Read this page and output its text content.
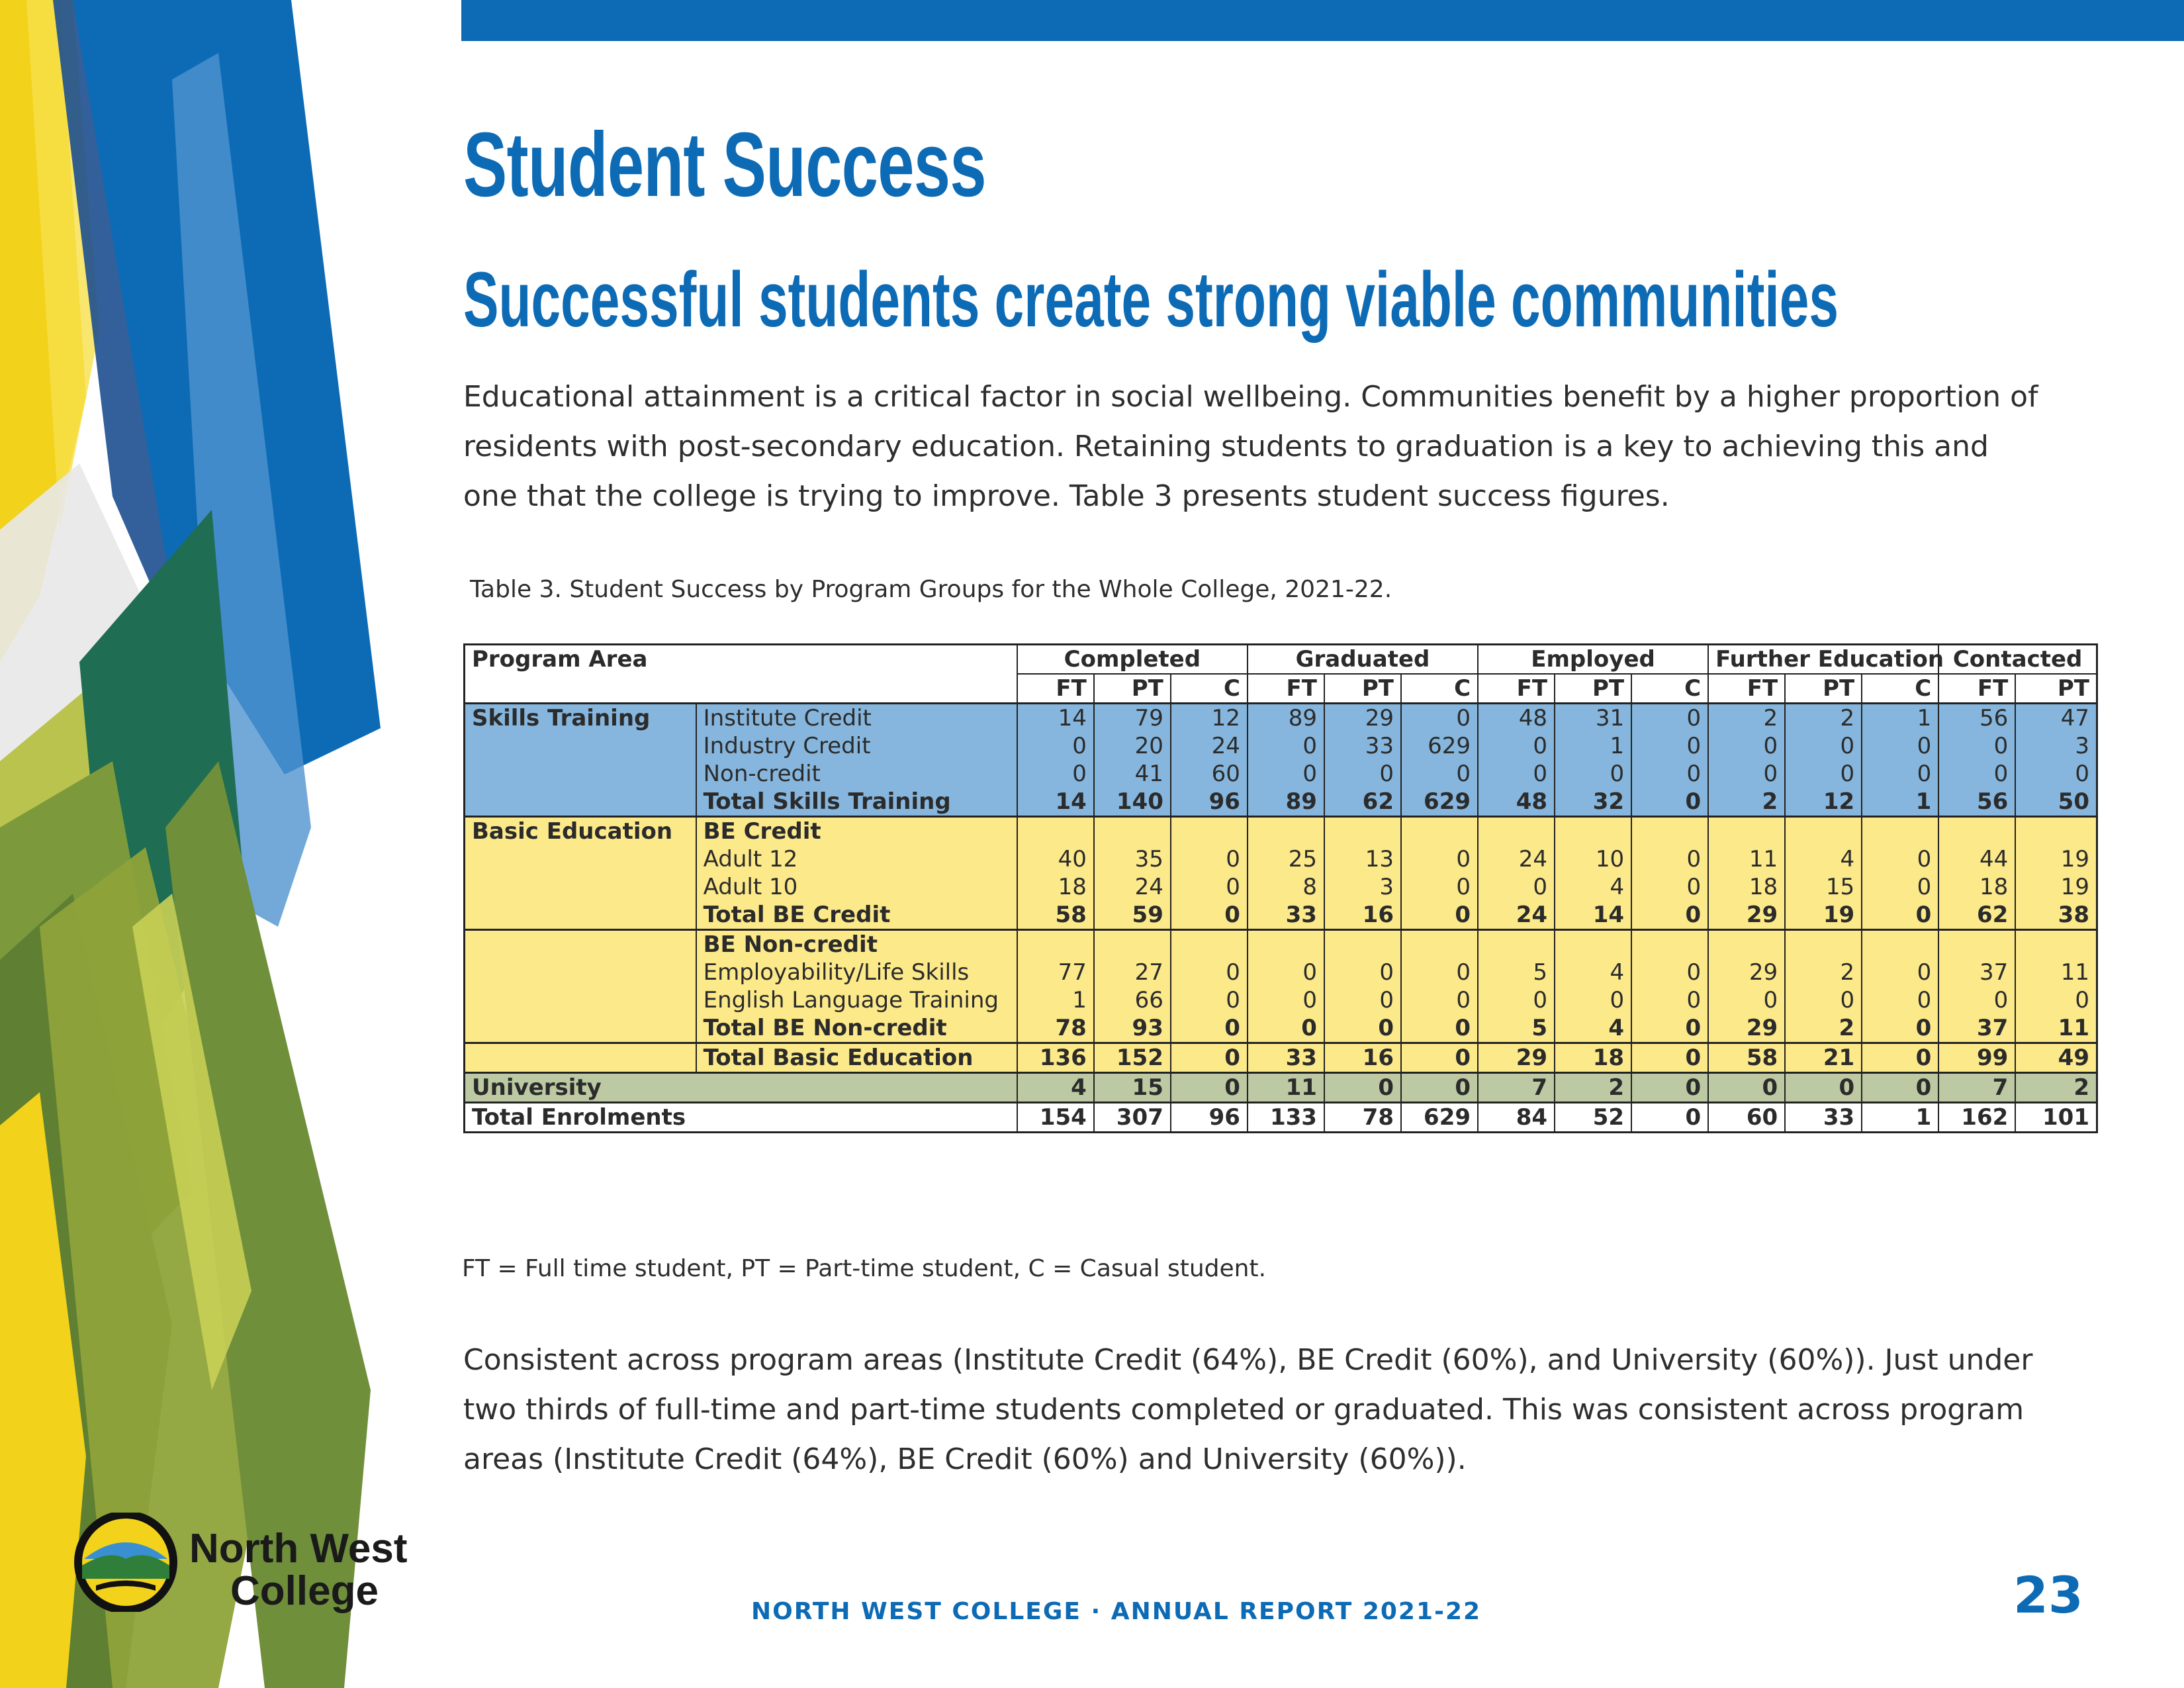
Student Success
Successful students create strong viable communities

Educational attainment is a critical factor in social wellbeing. Communities benefit by a higher proportion of residents with post-secondary education. Retaining students to graduation is a key to achieving this and one that the college is trying to improve. Table 3 presents student success figures.

Table 3. Student Success by Program Groups for the Whole College, 2021-22.
Program Area		Completed			Graduated			Employed			Further Education			Contacted	
		FT	PT	C	FT	PT	C	FT	PT	C	FT	PT	C	FT	PT
Skills Training	Institute Credit	14	79	12	89	29	0	48	31	0	2	2	1	56	47
	Industry Credit	0	20	24	0	33	629	0	1	0	0	0	0	0	3
	Non-credit	0	41	60	0	0	0	0	0	0	0	0	0	0	0
	Total Skills Training	14	140	96	89	62	629	48	32	0	2	12	1	56	50
Basic Education	BE Credit														
	Adult 12	40	35	0	25	13	0	24	10	0	11	4	0	44	19
	Adult 10	18	24	0	8	3	0	0	4	0	18	15	0	18	19
	Total BE Credit	58	59	0	33	16	0	24	14	0	29	19	0	62	38
	BE Non-credit														
	Employability/Life Skills	77	27	0	0	0	0	5	4	0	29	2	0	37	11
	English Language Training	1	66	0	0	0	0	0	0	0	0	0	0	0	0
	Total BE Non-credit	78	93	0	0	0	0	5	4	0	29	2	0	37	11
	Total Basic Education	136	152	0	33	16	0	29	18	0	58	21	0	99	49
University		4	15	0	11	0	0	7	2	0	0	0	0	7	2
Total Enrolments		154	307	96	133	78	629	84	52	0	60	33	1	162	101
FT = Full time student, PT = Part-time student, C = Casual student.

Consistent across program areas (Institute Credit (64%), BE Credit (60%), and University (60%)). Just under two thirds of full-time and part-time students completed or graduated. This was consistent across program areas (Institute Credit (64%), BE Credit (60%) and University (60%)).

North West
College	NORTH WEST COLLEGE · ANNUAL REPORT 2021-22	23
